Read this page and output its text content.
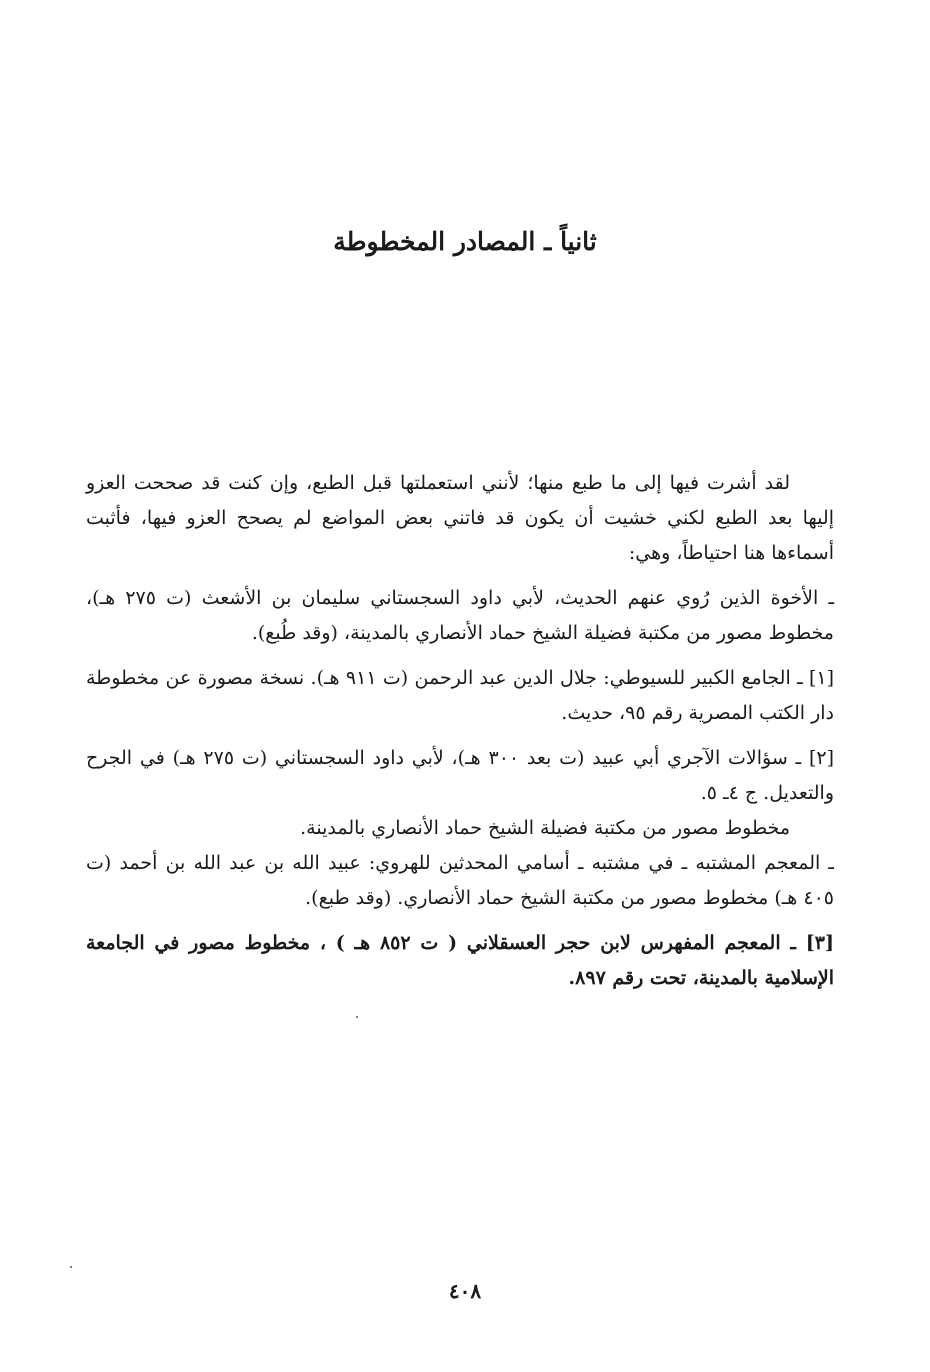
ثانياً ـ المصادر المخطوطة

لقد أشرت فيها إلى ما طبع منها؛ لأنني استعملتها قبل الطبع، وإن كنت قد صححت العزو إليها بعد الطبع لكني خشيت أن يكون قد فاتني بعض المواضع لم يصحح العزو فيها، فأثبت أسماءها هنا احتياطاً، وهي:

ـ الأخوة الذين رُوي عنهم الحديث، لأبي داود السجستاني سليمان بن الأشعث (ت ٢٧٥ هـ)، مخطوط مصور من مكتبة فضيلة الشيخ حماد الأنصاري بالمدينة، (وقد طُبع).

[١] ـ الجامع الكبير للسيوطي: جلال الدين عبد الرحمن (ت ٩١١ هـ). نسخة مصورة عن مخطوطة دار الكتب المصرية رقم ٩٥، حديث.

[٢] ـ سؤالات الآجري أبي عبيد (ت بعد ٣٠٠ هـ)، لأبي داود السجستاني (ت ٢٧٥ هـ) في الجرح والتعديل. ج ٤ـ ٥.

مخطوط مصور من مكتبة فضيلة الشيخ حماد الأنصاري بالمدينة.

ـ المعجم المشتبه ـ في مشتبه ـ أسامي المحدثين للهروي: عبيد الله بن عبد الله بن أحمد (ت ٤٠٥ هـ) مخطوط مصور من مكتبة الشيخ حماد الأنصاري. (وقد طبع).

[٣] ـ المعجم المفهرس لابن حجر العسقلاني ( ت ٨٥٢ هـ ) ، مخطوط مصور في الجامعة الإسلامية بالمدينة، تحت رقم ٨٩٧.

٤٠٨
